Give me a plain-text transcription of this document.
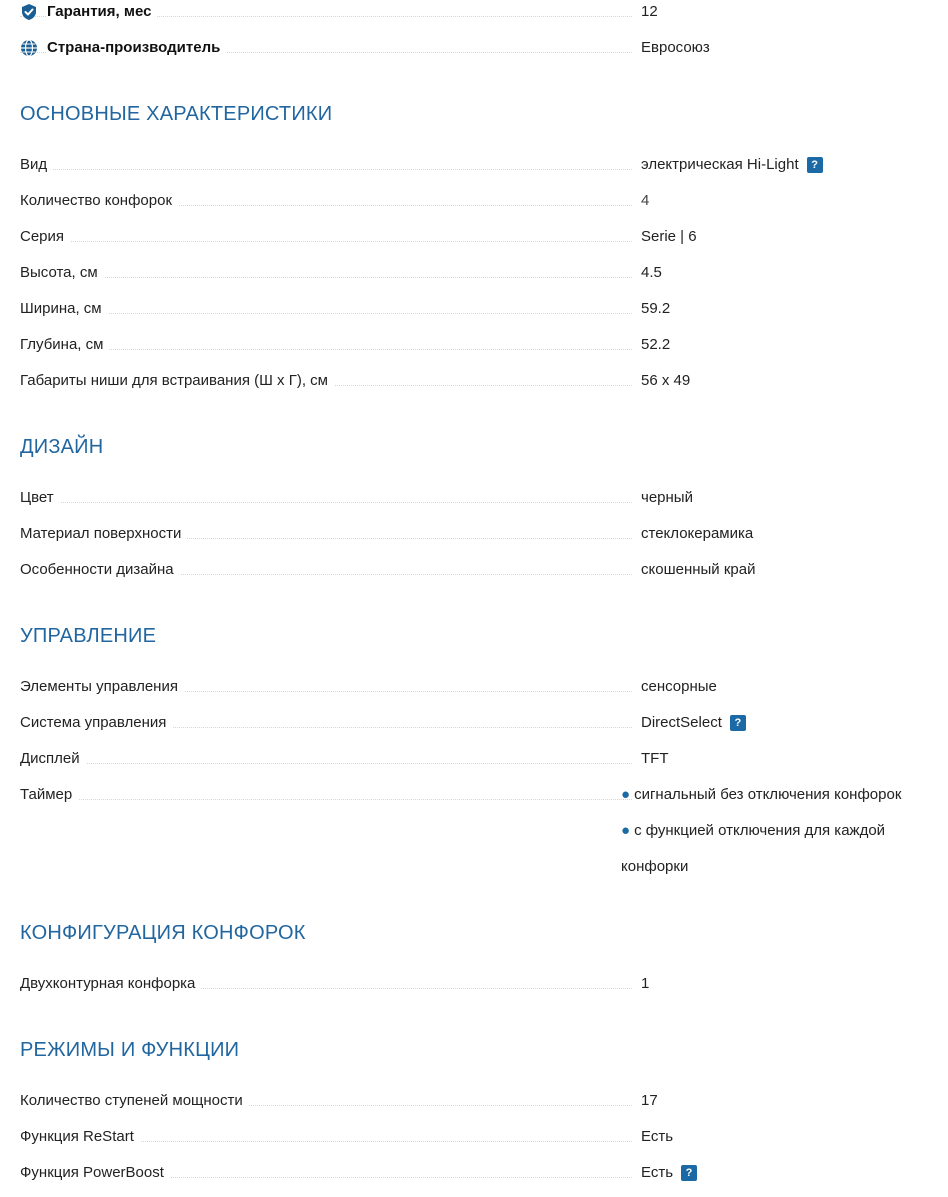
Гарантия, мес	12
Страна-производитель	Евросоюз
ОСНОВНЫЕ ХАРАКТЕРИСТИКИ
Вид	электрическая Hi-Light ?
Количество конфорок	4
Серия	Serie | 6
Высота, см	4.5
Ширина, см	59.2
Глубина, см	52.2
Габариты ниши для встраивания (Ш х Г), см	56 x 49
ДИЗАЙН
Цвет	черный
Материал поверхности	стеклокерамика
Особенности дизайна	скошенный край
УПРАВЛЕНИЕ
Элементы управления	сенсорные
Система управления	DirectSelect ?
Дисплей	TFT
Таймер	● сигнальный без отключения конфорок
● с функцией отключения для каждой
конфорки
КОНФИГУРАЦИЯ КОНФОРОК
Двухконтурная конфорка	1
РЕЖИМЫ И ФУНКЦИИ
Количество ступеней мощности	17
Функция ReStart	Есть
Функция PowerBoost	Есть ?
